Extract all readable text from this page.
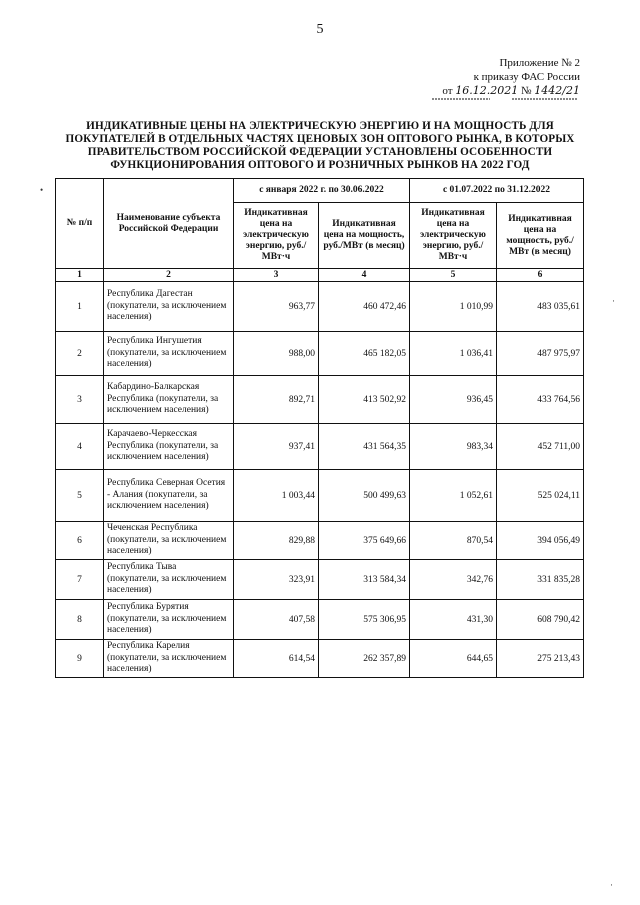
5
Приложение № 2
к приказу ФАС России
от 16.12.2021 № 1442/21
ИНДИКАТИВНЫЕ ЦЕНЫ НА ЭЛЕКТРИЧЕСКУЮ ЭНЕРГИЮ И НА МОЩНОСТЬ ДЛЯ ПОКУПАТЕЛЕЙ В ОТДЕЛЬНЫХ ЧАСТЯХ ЦЕНОВЫХ ЗОН ОПТОВОГО РЫНКА, В КОТОРЫХ ПРАВИТЕЛЬСТВОМ РОССИЙСКОЙ ФЕДЕРАЦИИ УСТАНОВЛЕНЫ ОСОБЕННОСТИ ФУНКЦИОНИРОВАНИЯ ОПТОВОГО И РОЗНИЧНЫХ РЫНКОВ НА 2022 ГОД
№ п/п	Наименование субъекта Российской Федерации	с января 2022 г. по 30.06.2022		с 01.07.2022 по 31.12.2022	
		Индикативная цена на электрическую энергию, руб./МВт·ч	Индикативная цена на мощность, руб./МВт (в месяц)	Индикативная цена на электрическую энергию, руб./МВт·ч	Индикативная цена на мощность, руб./МВт (в месяц)
1	2	3	4	5	6
1	Республика Дагестан (покупатели, за исключением населения)	963,77	460 472,46	1 010,99	483 035,61
2	Республика Ингушетия (покупатели, за исключением населения)	988,00	465 182,05	1 036,41	487 975,97
3	Кабардино-Балкарская Республика (покупатели, за исключением населения)	892,71	413 502,92	936,45	433 764,56
4	Карачаево-Черкесская Республика (покупатели, за исключением населения)	937,41	431 564,35	983,34	452 711,00
5	Республика Северная Осетия - Алания (покупатели, за исключением населения)	1 003,44	500 499,63	1 052,61	525 024,11
6	Чеченская Республика (покупатели, за исключением населения)	829,88	375 649,66	870,54	394 056,49
7	Республика Тыва (покупатели, за исключением населения)	323,91	313 584,34	342,76	331 835,28
8	Республика Бурятия (покупатели, за исключением населения)	407,58	575 306,95	431,30	608 790,42
9	Республика Карелия (покупатели, за исключением населения)	614,54	262 357,89	644,65	275 213,43
•
·
·
